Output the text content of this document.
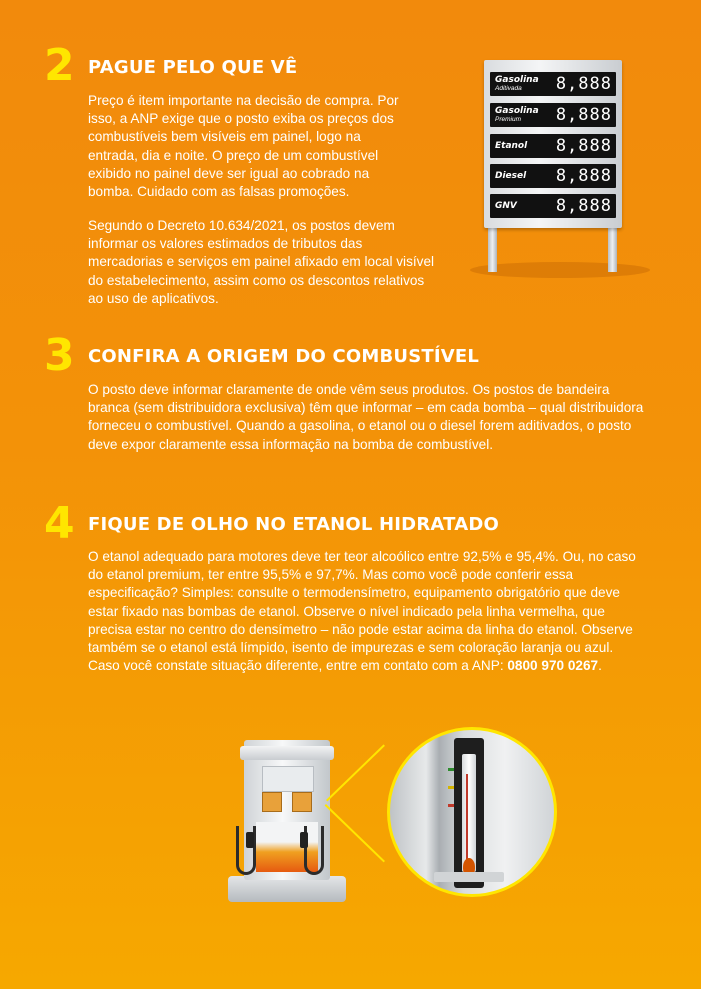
2 PAGUE PELO QUE VÊ

Preço é item importante na decisão de compra. Por isso, a ANP exige que o posto exiba os preços dos combustíveis bem visíveis em painel, logo na entrada, dia e noite. O preço de um combustível exibido no painel deve ser igual ao cobrado na bomba. Cuidado com as falsas promoções.

Segundo o Decreto 10.634/2021, os postos devem informar os valores estimados de tributos das mercadorias e serviços em painel afixado em local visível do estabelecimento, assim como os descontos relativos ao uso de aplicativos.

Gasolina
Aditivada 8,888
Gasolina
Premium 8,888
Etanol 8,888
Diesel 8,888
GNV 8,888
3 CONFIRA A ORIGEM DO COMBUSTÍVEL

O posto deve informar claramente de onde vêm seus produtos. Os postos de bandeira branca (sem distribuidora exclusiva) têm que informar – em cada bomba – qual distribuidora forneceu o combustível. Quando a gasolina, o etanol ou o diesel forem aditivados, o posto deve expor claramente essa informação na bomba de combustível.

4 FIQUE DE OLHO NO ETANOL HIDRATADO

O etanol adequado para motores deve ter teor alcoólico entre 92,5% e 95,4%. Ou, no caso do etanol premium, ter entre 95,5% e 97,7%. Mas como você pode conferir essa especificação? Simples: consulte o termodensímetro, equipamento obrigatório que deve estar fixado nas bombas de etanol. Observe o nível indicado pela linha vermelha, que precisa estar no centro do densímetro – não pode estar acima da linha do etanol. Observe também se o etanol está límpido, isento de impurezas e sem coloração laranja ou azul. Caso você constate situação diferente, entre em contato com a ANP: 0800 970 0267.
